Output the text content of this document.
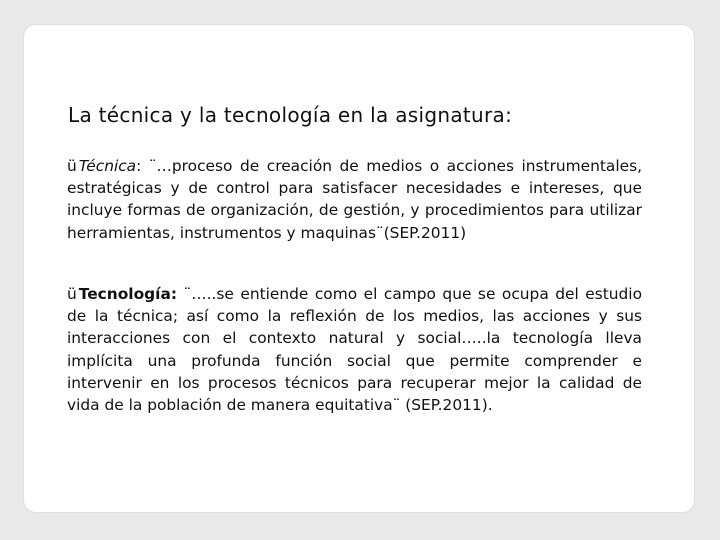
La técnica y la tecnología en la asignatura:
ü Técnica: ¨…proceso de creación de medios o acciones instrumentales, estratégicas y de control para satisfacer necesidades e intereses, que incluye formas de organización, de gestión, y procedimientos para utilizar herramientas, instrumentos y maquinas¨(SEP.2011)
ü Tecnología: ¨…..se entiende como el campo que se ocupa del estudio de la técnica; así como la reflexión de los medios, las acciones y sus interacciones con el contexto natural y social…..la tecnología lleva implícita una profunda función social que permite comprender e intervenir en los procesos técnicos para recuperar mejor la calidad de vida de la población de manera equitativa¨ (SEP.2011).
